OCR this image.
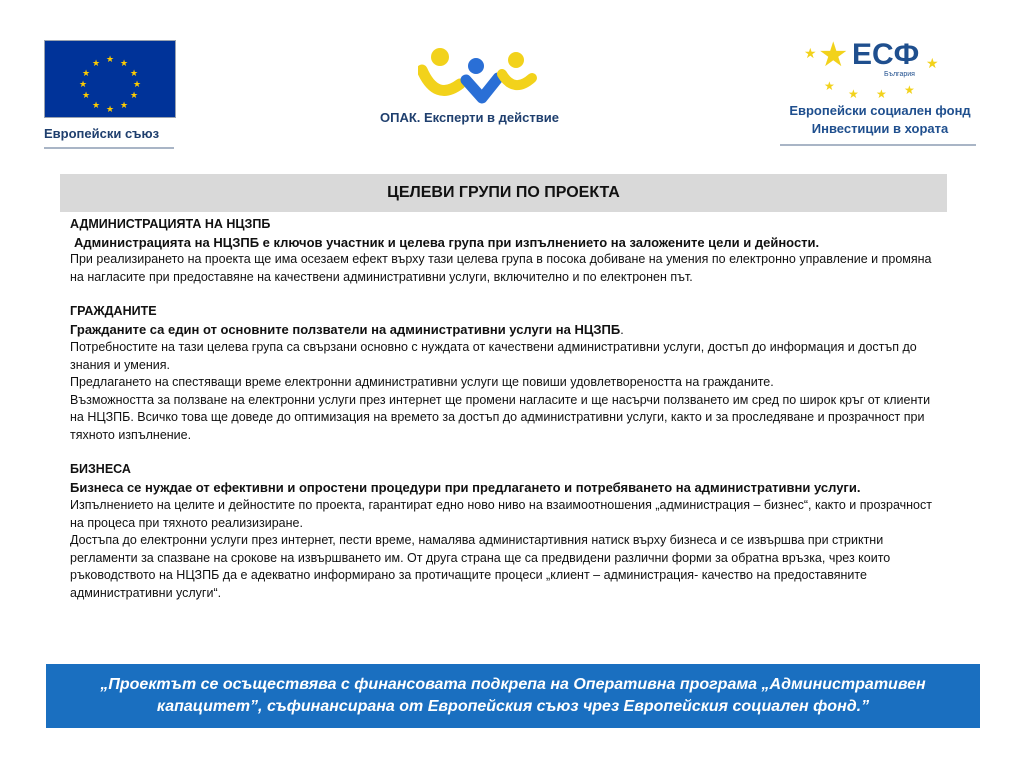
★ ★
★
★
★
★
★
★
★
★
★
★
Европейски съюз
ОПАК. Експерти в действие
★
★
★
★ ★ ★
★
ЕСФ
България
Европейски социален фонд
Инвестиции в хората
ЦЕЛЕВИ ГРУПИ ПО ПРОЕКТА

АДМИНИСТРАЦИЯТА НА НЦЗПБ

Администрацията на НЦЗПБ е ключов участник и целева група при изпълнението на заложените цели и дейности.

При реализирането на проекта ще има осезаем ефект върху тази целева група в посока добиване на умения по електронно управление и промяна на нагласите при предоставяне на качествени административни услуги, включително и по електронен път.

ГРАЖДАНИТЕ

Гражданите са един от основните ползватели на административни услуги на НЦЗПБ.

Потребностите на тази целева група са свързани основно с нуждата от качествени административни услуги, достъп до информация и достъп до знания и умения.

Предлагането на спестяващи време електронни административни услуги ще повиши удовлетвореността на гражданите.

Възможността за ползване на електронни услуги през интернет ще промени нагласите и ще насърчи ползването им сред по широк кръг от клиенти на НЦЗПБ. Всичко това ще доведе до оптимизация на времето за достъп до административни услуги, както и за проследяване и прозрачност при тяхното изпълнение.

БИЗНЕСА

Бизнеса се нуждае от ефективни и опростени процедури при предлагането и потребяването на административни услуги. Изпълнението на целите и дейностите по проекта, гарантират едно ново ниво на взаимоотношения „администрация – бизнес“, както и прозрачност на процеса при тяхното реализизиране.

Достъпа до електронни услуги през интернет, пести време, намалява администартивния натиск върху бизнеса и се извършва при стриктни регламенти за спазване на срокове на извършването им. От друга страна ще са предвидени различни форми за обратна връзка, чрез които ръководството на НЦЗПБ да е адекватно информирано за протичащите процеси „клиент – администрация- качество на предоставяните административни услуги“.

„Проектът се осъществява с финансовата подкрепа на Оперативна програма „Административен капацитет”, съфинансирана от Европейския съюз чрез Европейския социален фонд.”
